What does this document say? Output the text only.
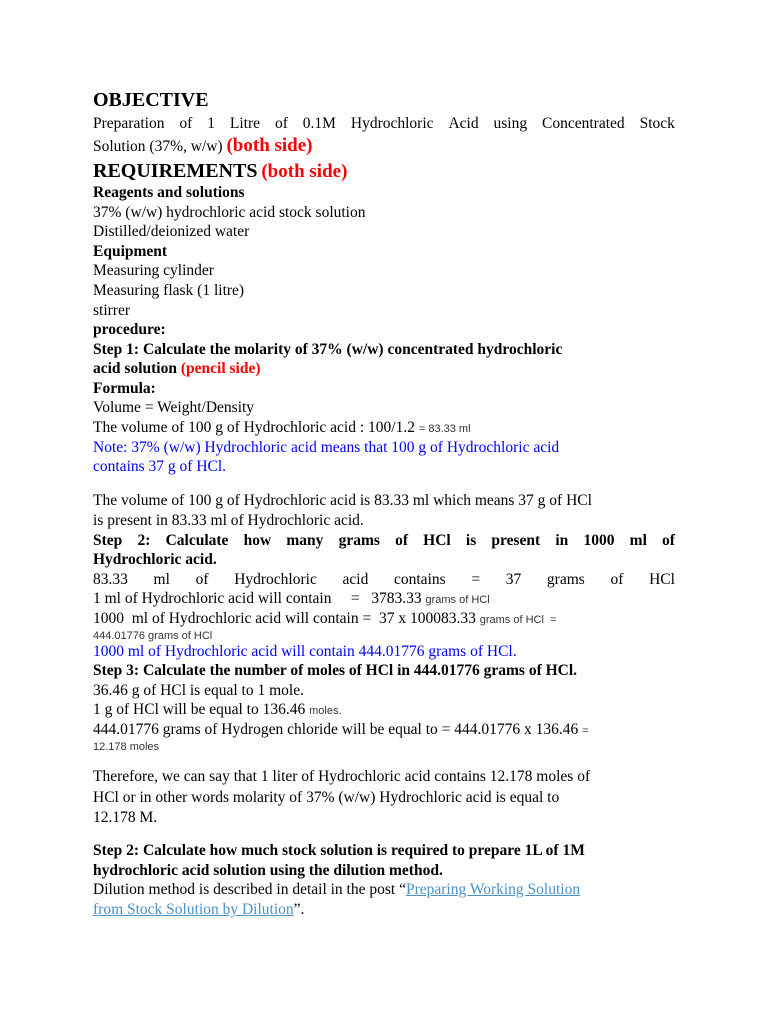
OBJECTIVE
Preparation of 1 Litre of 0.1M Hydrochloric Acid using Concentrated Stock
Solution (37%, w/w) (both side)
REQUIREMENTS (both side)
Reagents and solutions
37% (w/w) hydrochloric acid stock solution
Distilled/deionized water
Equipment
Measuring cylinder
Measuring flask (1 litre)
stirrer
procedure:
Step 1: Calculate the molarity of 37% (w/w) concentrated hydrochloric
acid solution (pencil side)
Formula:
Volume = Weight/Density
The volume of 100 g of Hydrochloric acid : 100/1.2 = 83.33 ml
Note: 37% (w/w) Hydrochloric acid means that 100 g of Hydrochloric acid
contains 37 g of HCl.
The volume of 100 g of Hydrochloric acid is 83.33 ml which means 37 g of HCl
is present in 83.33 ml of Hydrochloric acid.
Step 2: Calculate how many grams of HCl is present in 1000 ml of
Hydrochloric acid.
83.33 ml of Hydrochloric acid contains = 37 grams of HCl
1 ml of Hydrochloric acid will contain     =   3783.33 grams of HCl
1000  ml of Hydrochloric acid will contain =  37 x 100083.33 grams of HCl  =
444.01776 grams of HCl
1000 ml of Hydrochloric acid will contain 444.01776 grams of HCl.
Step 3: Calculate the number of moles of HCl in 444.01776 grams of HCl.
36.46 g of HCl is equal to 1 mole.
1 g of HCl will be equal to 136.46 moles.
444.01776 grams of Hydrogen chloride will be equal to = 444.01776 x 136.46 =
12.178 moles
Therefore, we can say that 1 liter of Hydrochloric acid contains 12.178 moles of
HCl or in other words molarity of 37% (w/w) Hydrochloric acid is equal to
12.178 M.
Step 2: Calculate how much stock solution is required to prepare 1L of 1M
hydrochloric acid solution using the dilution method.
Dilution method is described in detail in the post “Preparing Working Solution
from Stock Solution by Dilution”.
